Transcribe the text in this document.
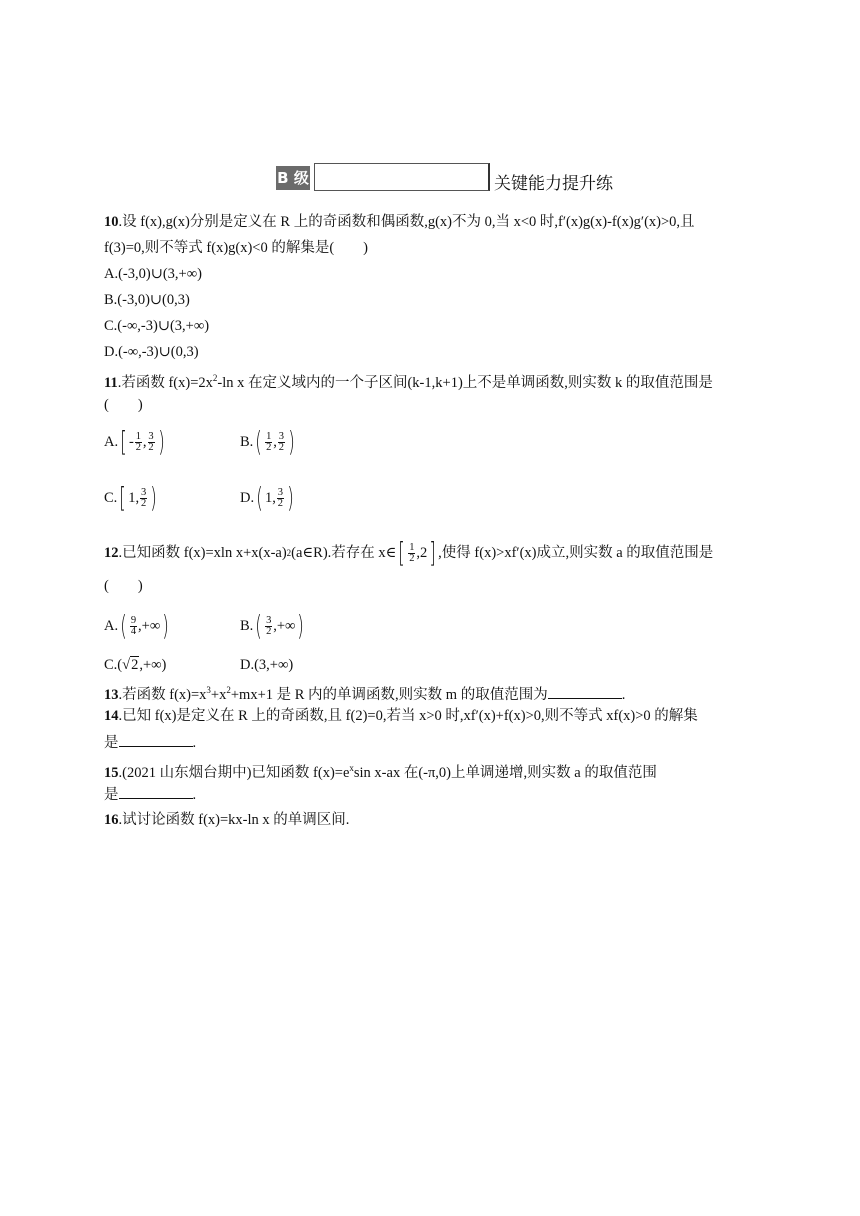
B 级	关键能力提升练
10.设 f(x),g(x)分别是定义在 R 上的奇函数和偶函数,g(x)不为 0,当 x<0 时,f′(x)g(x)-f(x)g′(x)>0,且
f(3)=0,则不等式 f(x)g(x)<0 的解集是(　　)
A.(-3,0)∪(3,+∞)
B.(-3,0)∪(0,3)
C.(-∞,-3)∪(3,+∞)
D.(-∞,-3)∪(0,3)
11.若函数 $f(x)=2x^2-\ln$ x 在定义域内的一个子区间(k-1,k+1)上不是单调函数,则实数 k 的取值范围是
(　　)
A. [ - $\frac{1}{2}$ , $\frac{3}{2}$ )	B. ( $\frac{1}{2}$ , $\frac{3}{2}$ )
C. [ 1 , $\frac{3}{2}$ )	D. ( 1 , $\frac{3}{2}$ )
12 .已知函数 f(x)=xln x+x(x-a) 2 (a∈R).若存在 x∈ [ $\frac{1}{2} ,2$ ] ,使得 f(x)>xf′(x)成立,则实数 a 的取值范围是
(　　)
A. ( $\frac{9}{4}$ ,+∞ )	B. ( $\frac{3}{2}$ ,+∞ )
C.(√2,+∞)	D.(3,+∞)
13.若函数 $f(x)=x^3+x^2+mx+1$ 是 R 内的单调函数,则实数 m 的取值范围为	.
14.已知 f(x)是定义在 R 上的奇函数,且 f(2)=0,若当 x>0 时,xf′(x)+f(x)>0,则不等式 xf(x)>0 的解集
是	.
15.(2021 山东烟台期中)已知函数 $f(x)=e^x\sin$ x-ax 在(-π,0)上单调递增,则实数 a 的取值范围
是	.
16.试讨论函数 f(x)=kx-ln x 的单调区间.
